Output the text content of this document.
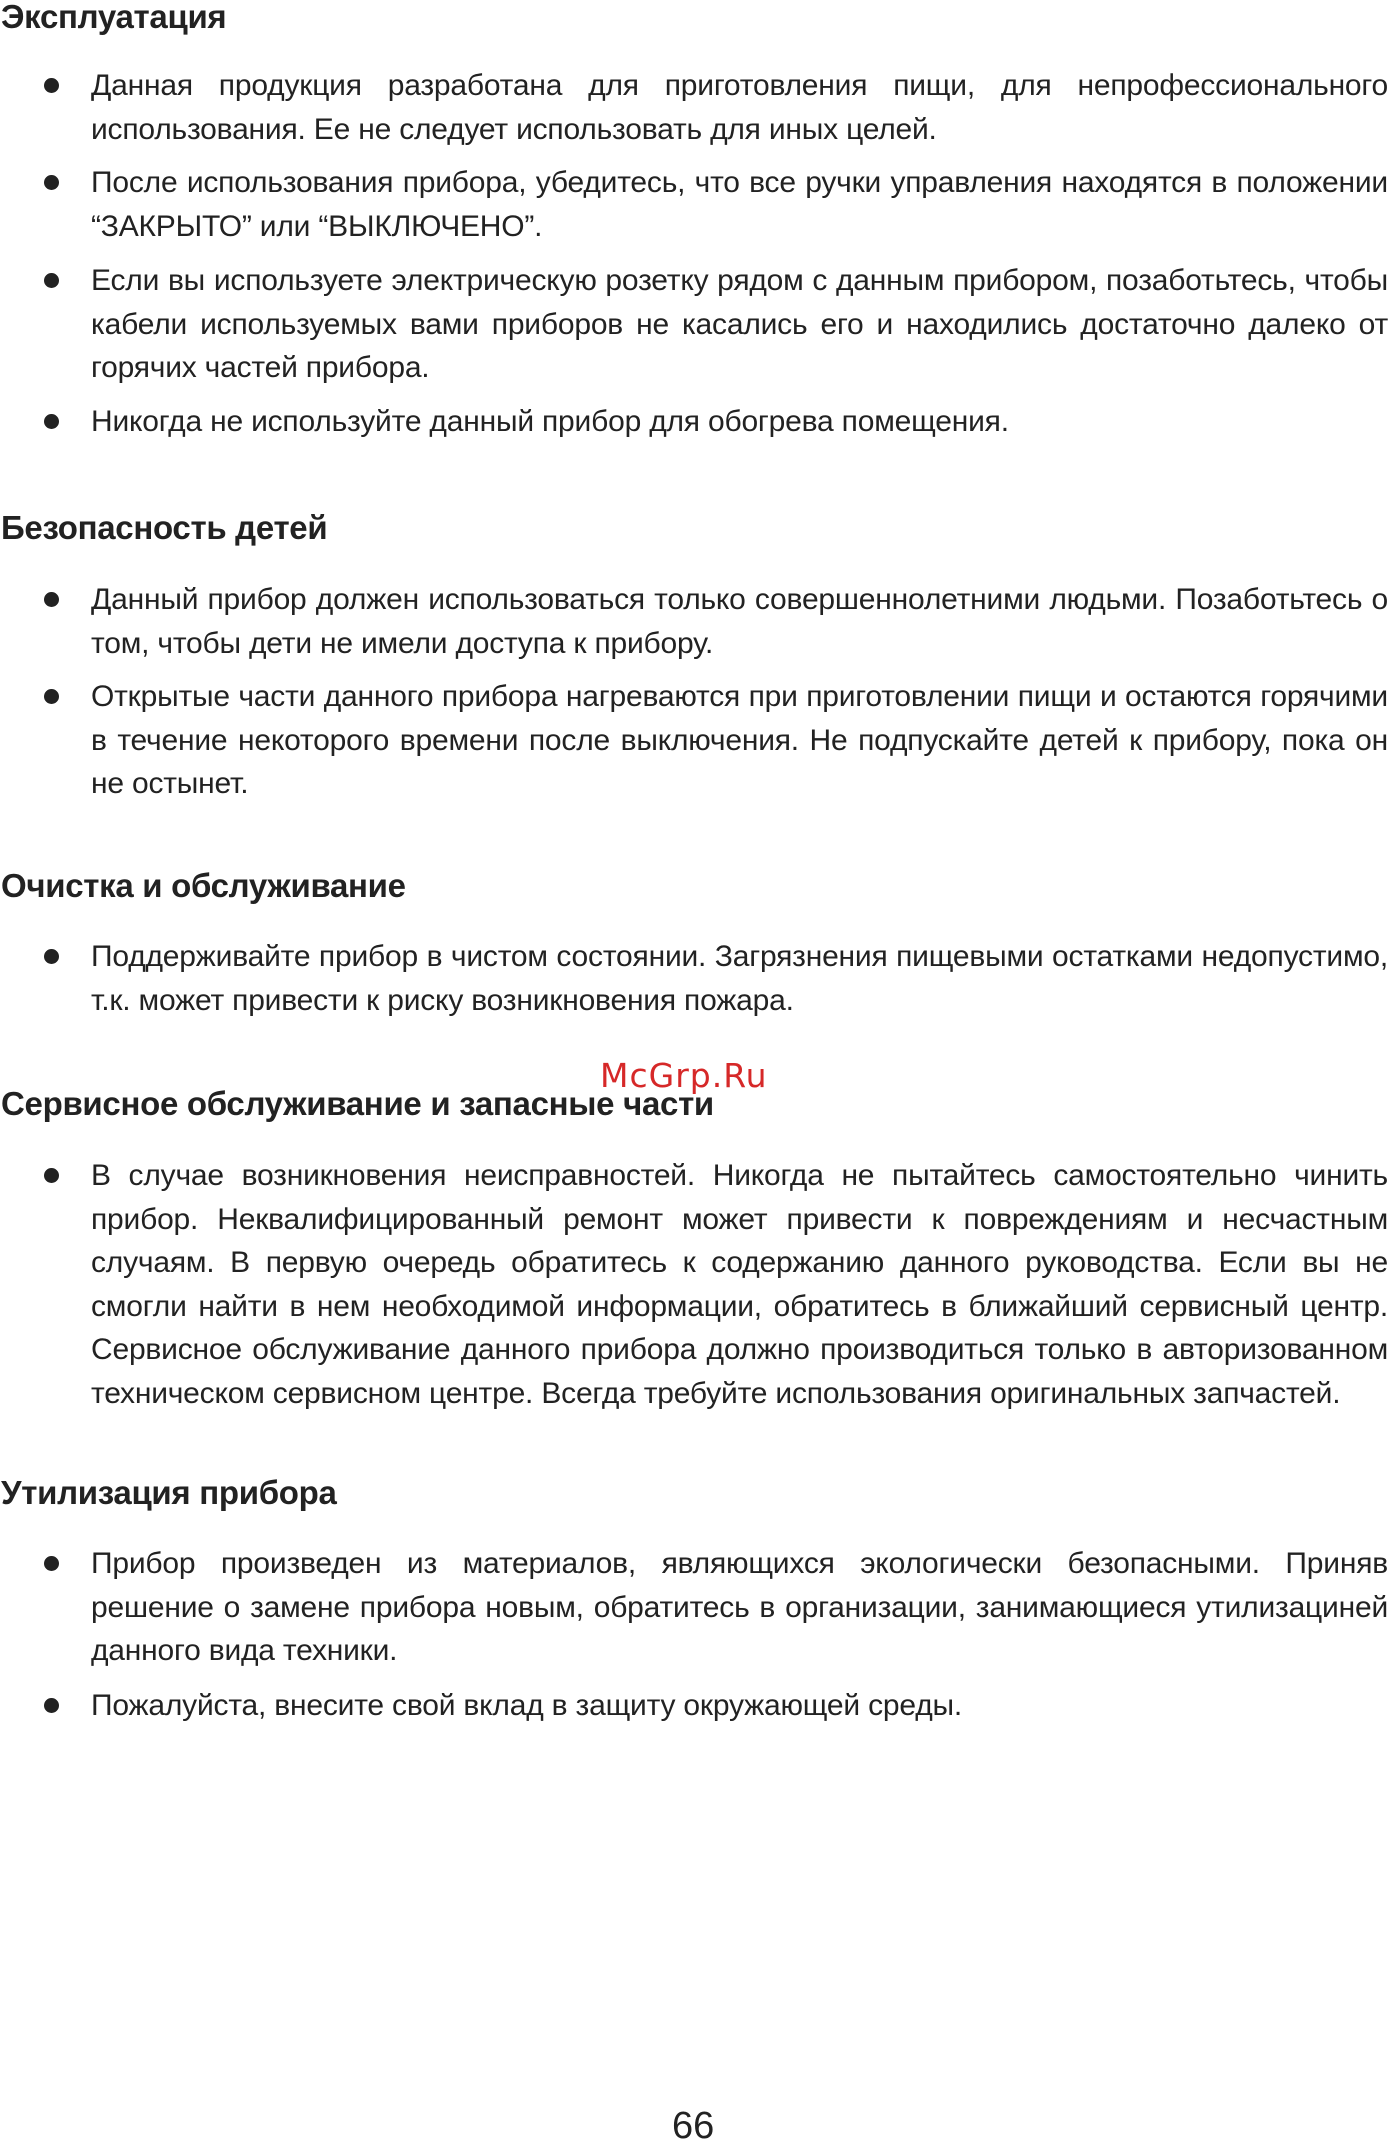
Эксплуатация

Данная продукция разработана для приготовления пищи, для непрофессионального использования. Ее не следует использовать для иных целей.

После использования прибора, убедитесь, что все ручки управления находятся в положении “ЗАКРЫТО” или “ВЫКЛЮЧЕНО”.

Если вы используете электрическую розетку рядом с данным прибором, позаботьтесь, чтобы кабели используемых вами приборов не касались его и находились достаточно далеко от горячих частей прибора.

Никогда не используйте данный прибор для обогрева помещения.

Безопасность детей

Данный прибор должен использоваться только совершеннолетними людьми. Позаботьтесь о том, чтобы дети не имели доступа к прибору.

Открытые части данного прибора нагреваются при приготовлении пищи и остаются горячими в течение некоторого времени после выключения. Не подпускайте детей к прибору, пока он не остынет.

Очистка и обслуживание

Поддерживайте прибор в чистом состоянии. Загрязнения пищевыми остатками недопустимо, т.к. может привести к риску возникновения пожара.

Сервисное обслуживание и запасные части

В случае возникновения неисправностей. Никогда не пытайтесь самостоятельно чинить прибор. Неквалифицированный ремонт может привести к повреждениям и несчастным случаям. В первую очередь обратитесь к содержанию данного руководства. Если вы не смогли найти в нем необходимой информации, обратитесь в ближайший сервисный центр. Сервисное обслуживание данного прибора должно производиться только в авторизованном техническом сервисном центре. Всегда требуйте использования оригинальных запчастей.

Утилизация прибора

Прибор произведен из материалов, являющихся экологически безопасными. Приняв решение о замене прибора новым, обратитесь в организации, занимающиеся утилизациней данного вида техники.

Пожалуйста, внесите свой вклад в защиту окружающей среды.

McGrp.Ru
66
